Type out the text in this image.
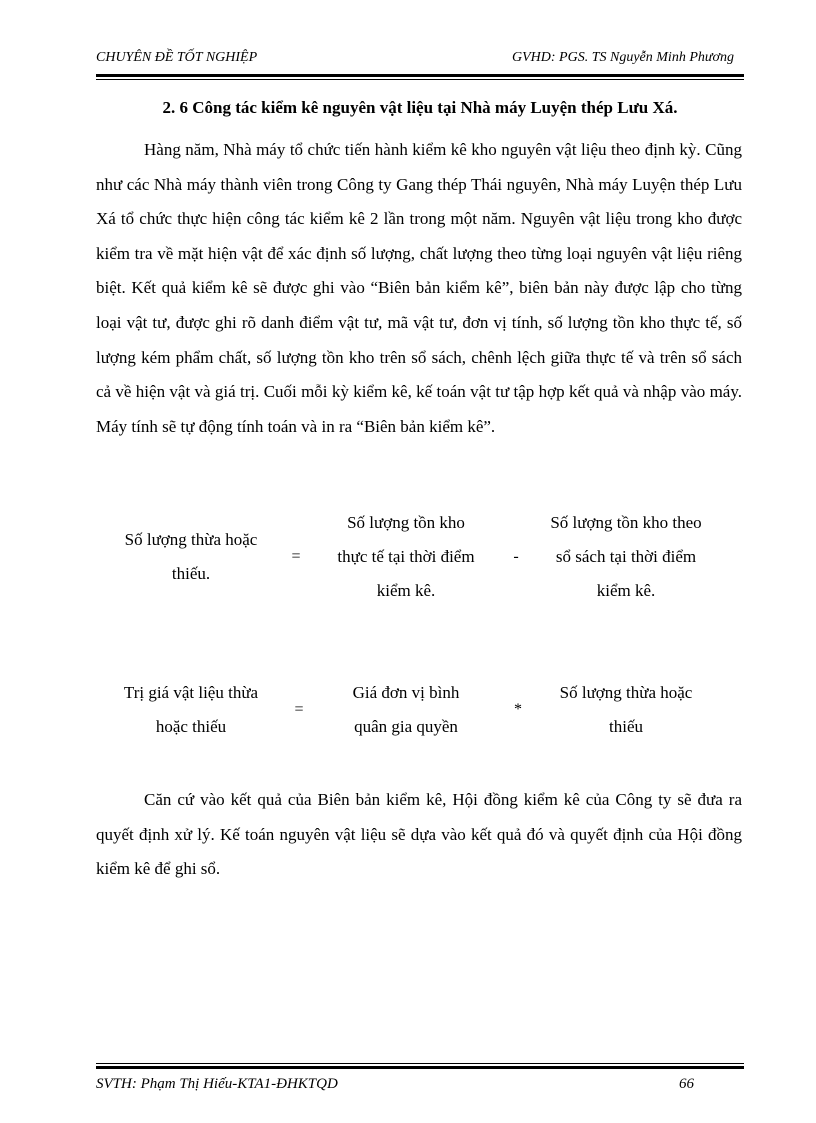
CHUYÊN ĐỀ TỐT NGHIỆP	GVHD: PGS. TS Nguyễn Minh Phương
2. 6 Công tác kiểm kê nguyên vật liệu tại Nhà máy Luyện thép Lưu Xá.

Hàng năm, Nhà máy tổ chức tiến hành kiểm kê kho nguyên vật liệu theo định kỳ. Cũng như các Nhà máy thành viên trong Công ty Gang thép Thái nguyên, Nhà máy Luyện thép Lưu Xá tổ chức thực hiện công tác kiểm kê 2 lần trong một năm. Nguyên vật liệu trong kho được kiểm tra về mặt hiện vật để xác định số lượng, chất lượng theo từng loại nguyên vật liệu riêng biệt. Kết quả kiểm kê sẽ được ghi vào “Biên bản kiểm kê”, biên bản này được lập cho từng loại vật tư, được ghi rõ danh điểm vật tư, mã vật tư, đơn vị tính, số lượng tồn kho thực tế, số lượng kém phẩm chất, số lượng tồn kho trên sổ sách, chênh lệch giữa thực tế và trên sổ sách cả về hiện vật và giá trị. Cuối mỗi kỳ kiểm kê, kế toán vật tư tập hợp kết quả và nhập vào máy. Máy tính sẽ tự động tính toán và in ra “Biên bản kiểm kê”.

Số lượng thừa hoặc thiếu.
=
Số lượng tồn kho thực tế tại thời điểm kiểm kê.
-
Số lượng tồn kho theo sổ sách tại thời điểm kiểm kê.
Trị giá vật liệu thừa hoặc thiếu
=
Giá đơn vị bình quân gia quyền
*
Số lượng thừa hoặc thiếu

Căn cứ vào kết quả của Biên bản kiểm kê, Hội đồng kiểm kê của Công ty sẽ đưa ra quyết định xử lý. Kế toán nguyên vật liệu sẽ dựa vào kết quả đó và quyết định của Hội đồng kiểm kê để ghi sổ.

SVTH: Phạm Thị Hiếu-KTA1-ĐHKTQD	66
